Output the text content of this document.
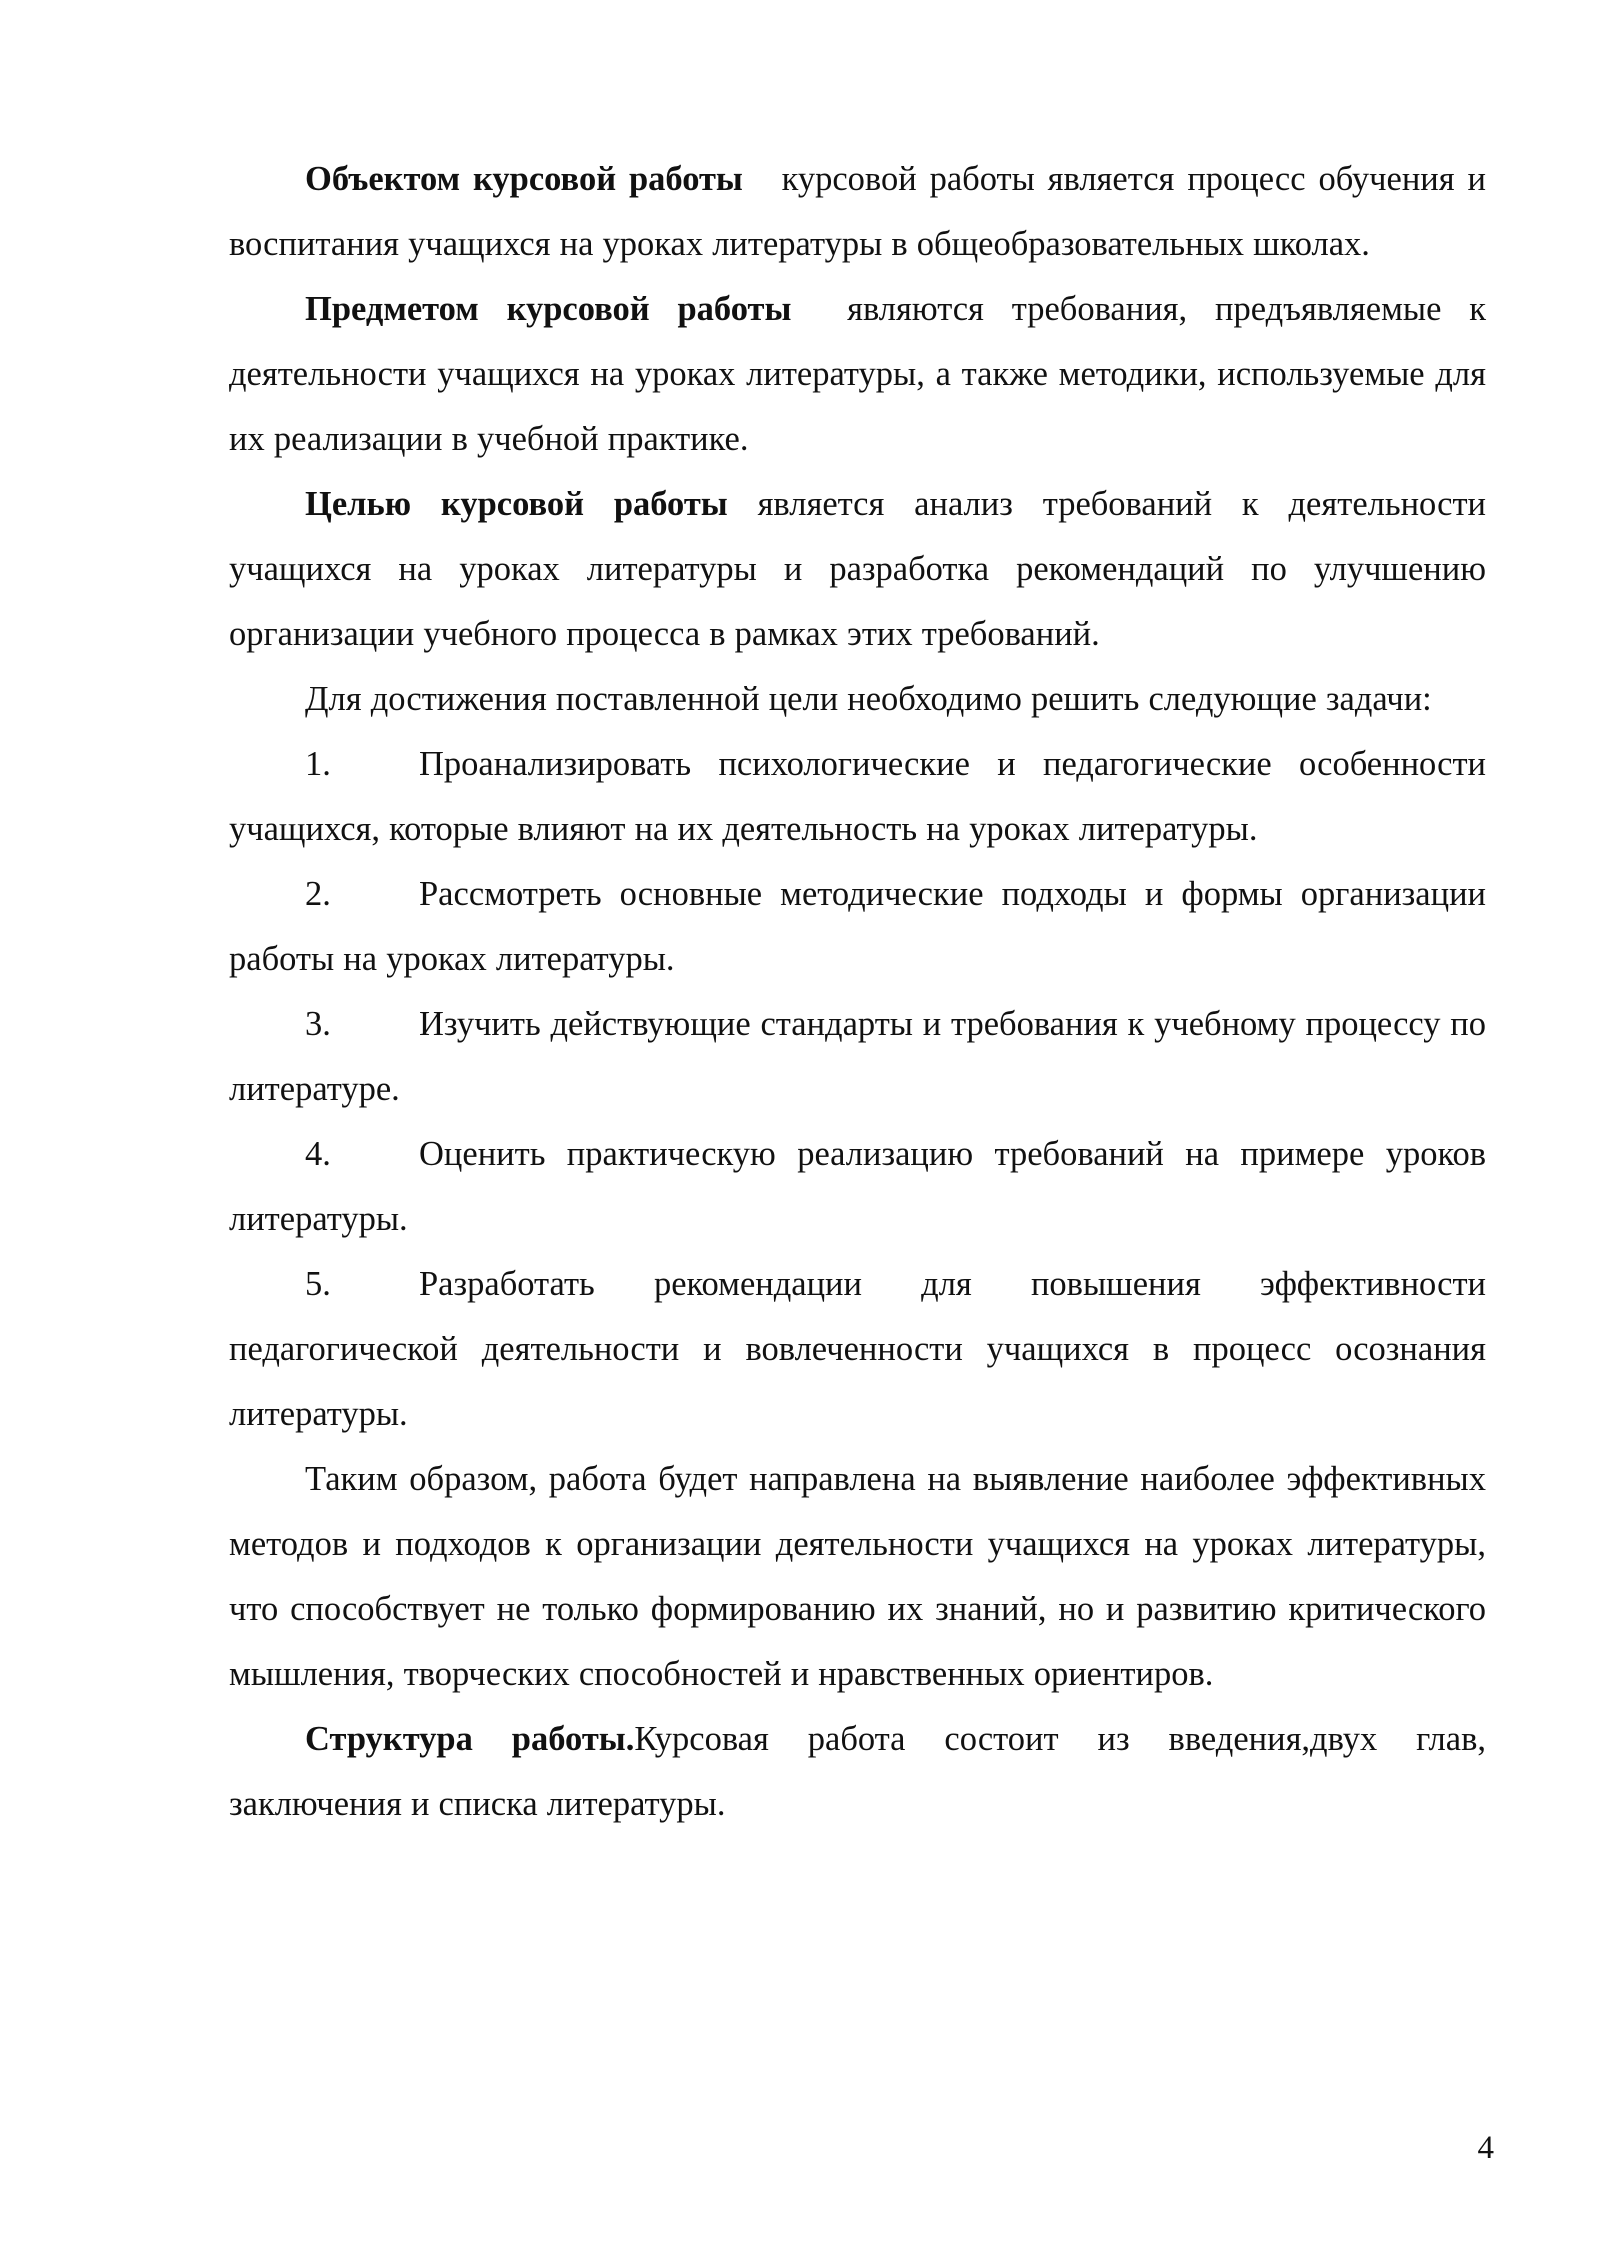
Объектом курсовой работы курсовой работы является процесс обучения и воспитания учащихся на уроках литературы в общеобразовательных школах.

Предметом курсовой работы являются требования, предъявляемые к деятельности учащихся на уроках литературы, а также методики, используемые для их реализации в учебной практике.

Целью курсовой работы является анализ требований к деятельности учащихся на уроках литературы и разработка рекомендаций по улучшению организации учебного процесса в рамках этих требований.

Для достижения поставленной цели необходимо решить следующие задачи:

1.	Проанализировать психологические и педагогические особенности учащихся, которые влияют на их деятельность на уроках литературы.

2.	Рассмотреть основные методические подходы и формы организации работы на уроках литературы.

3.	Изучить действующие стандарты и требования к учебному процессу по литературе.

4.	Оценить практическую реализацию требований на примере уроков литературы.

5.	Разработать рекомендации для повышения эффективности педагогической деятельности и вовлеченности учащихся в процесс осознания литературы.

Таким образом, работа будет направлена на выявление наиболее эффективных методов и подходов к организации деятельности учащихся на уроках литературы, что способствует не только формированию их знаний, но и развитию критического мышления, творческих способностей и нравственных ориентиров.

Структура работы.Курсовая работа состоит из введения,двух глав, заключения и списка литературы.

4
